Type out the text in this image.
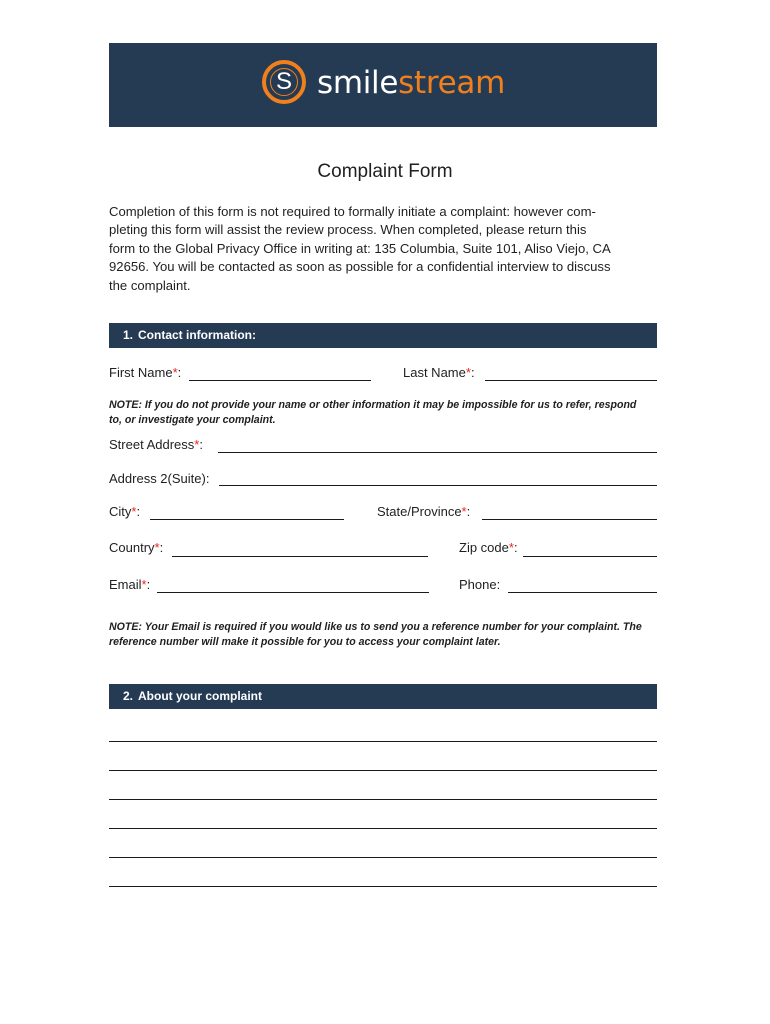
S smilestream
Complaint Form
Completion of this form is not required to formally initiate a complaint: however com-
pleting this form will assist the review process. When completed, please return this
form to the Global Privacy Office in writing at: 135 Columbia, Suite 101, Aliso Viejo, CA
92656. You will be contacted as soon as possible for a confidential interview to discuss
the complaint.
1. Contact information:
First Name*:	Last Name*:
NOTE: If you do not provide your name or other information it may be impossible for us to refer, respond
to, or investigate your complaint.
Street Address*:
Address 2(Suite):
City*:	State/Province*:
Country*:	Zip code*:
Email*:	Phone:
NOTE: Your Email is required if you would like us to send you a reference number for your complaint. The
reference number will make it possible for you to access your complaint later.
2. About your complaint
